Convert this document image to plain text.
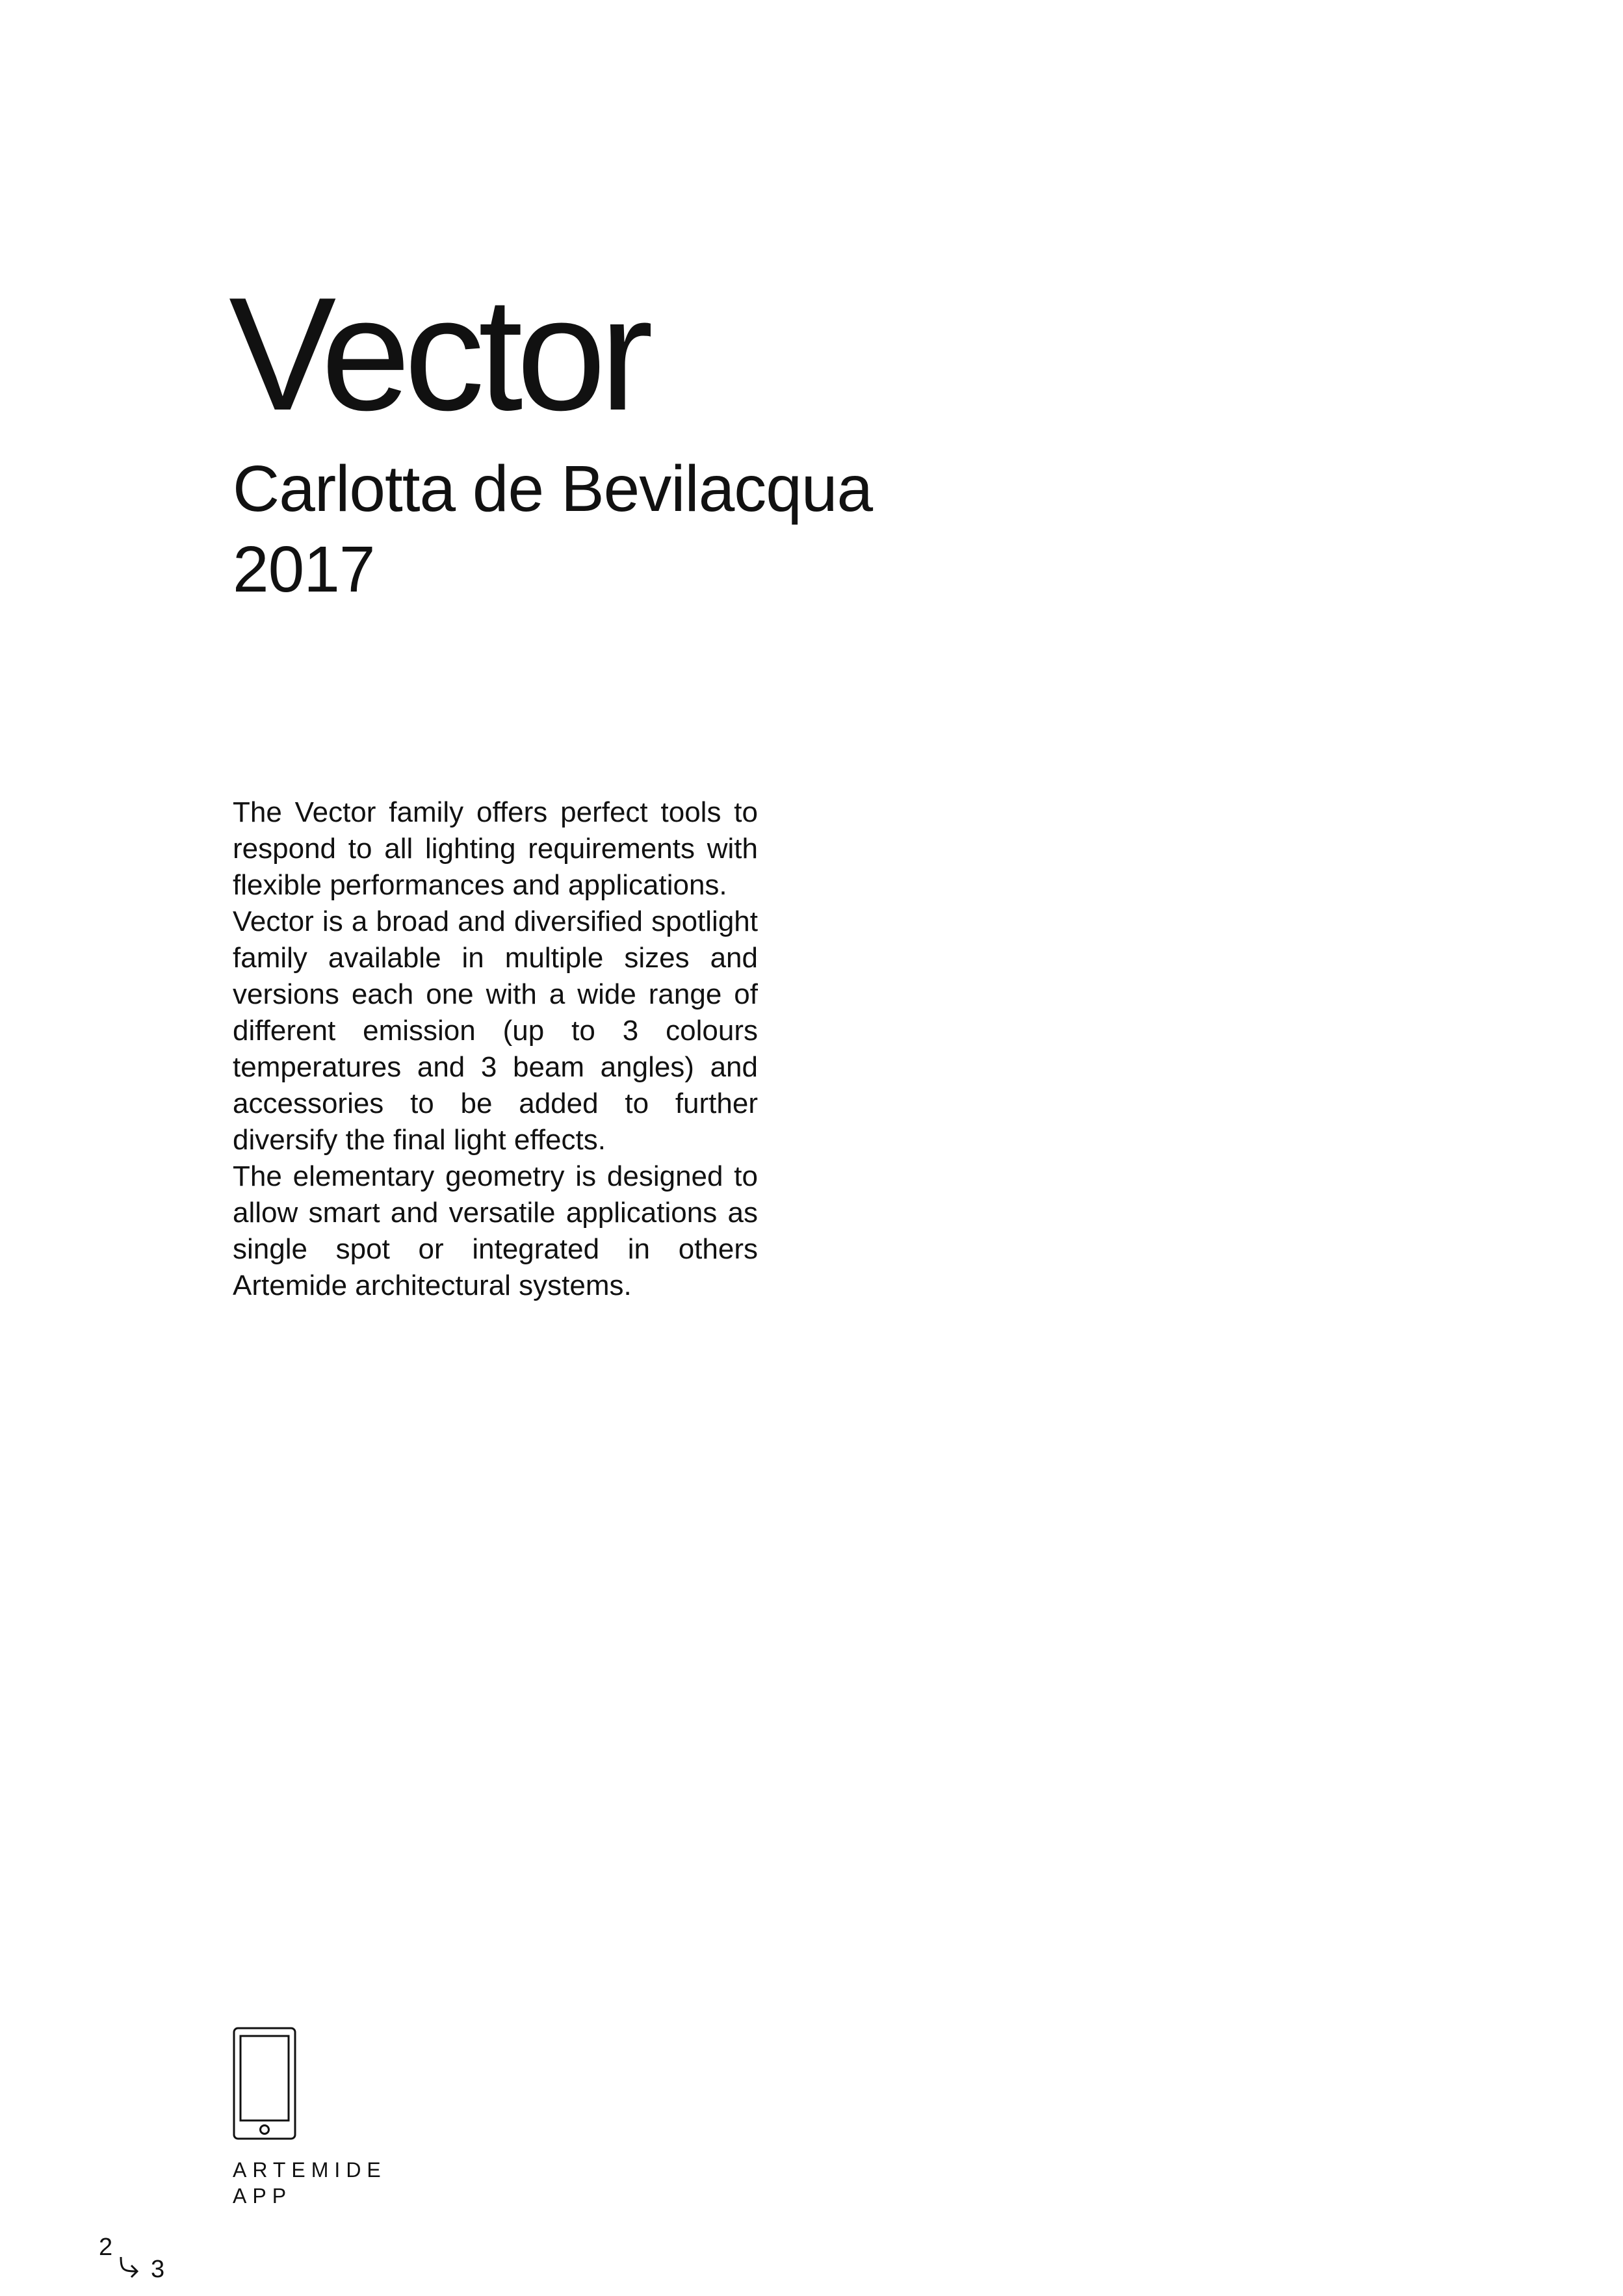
Vector
Carlotta de Bevilacqua
2017

The Vector family offers perfect tools to respond to all lighting requirements with flexible performances and applications.

Vector is a broad and diversified spotlight family available in multiple sizes and versions each one with a wide range of different emission (up to 3 colours temperatures and 3 beam angles) and accessories to be added to further diversify the final light effects.

The elementary geometry is designed to allow smart and versatile applications as single spot or integrated in others Artemide architectural systems.

ARTEMIDE
APP
2
3
